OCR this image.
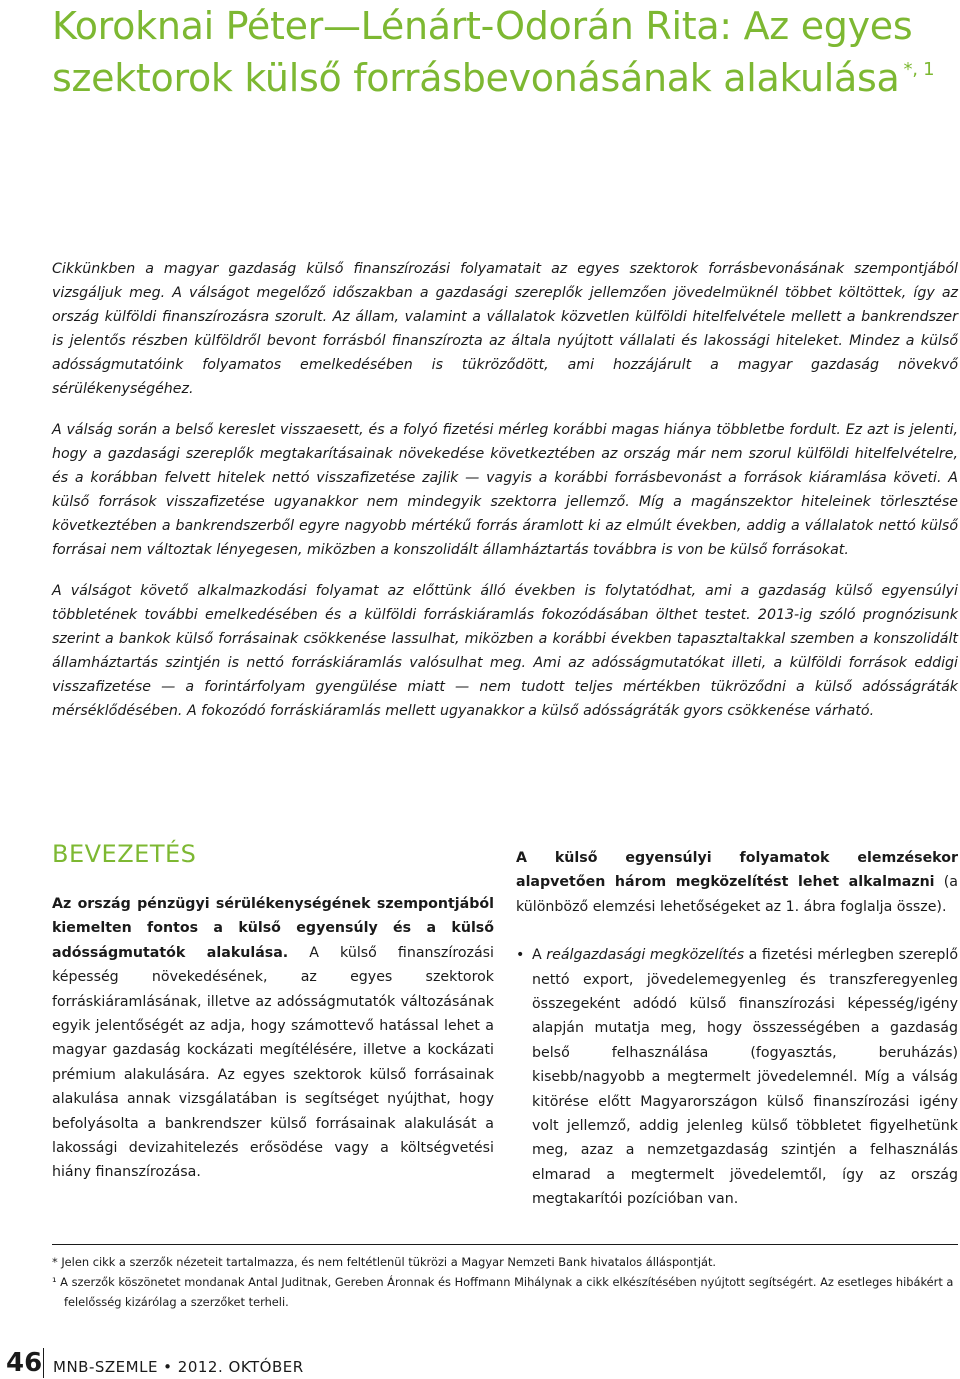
Koroknai Péter—Lénárt-Odorán Rita: Az egyes szektorok külső forrásbevonásának alakulása $^{*, 1}$

Cikkünkben a magyar gazdaság külső finanszírozási folyamatait az egyes szektorok forrásbevonásának szempontjából vizsgáljuk meg. A válságot megelőző időszakban a gazdasági szereplők jellemzően jövedelmüknél többet költöttek, így az ország külföldi finanszírozásra szorult. Az állam, valamint a vállalatok közvetlen külföldi hitelfelvétele mellett a bankrendszer is jelentős részben külföldről bevont forrásból finanszírozta az általa nyújtott vállalati és lakossági hiteleket. Mindez a külső adósságmutatóink folyamatos emelkedésében is tükröződött, ami hozzájárult a magyar gazdaság növekvő sérülékenységéhez.

A válság során a belső kereslet visszaesett, és a folyó fizetési mérleg korábbi magas hiánya többletbe fordult. Ez azt is jelenti, hogy a gazdasági szereplők megtakarításainak növekedése következtében az ország már nem szorul külföldi hitelfelvételre, és a korábban felvett hitelek nettó visszafizetése zajlik — vagyis a korábbi forrásbevonást a források kiáramlása követi. A külső források visszafizetése ugyanakkor nem mindegyik szektorra jellemző. Míg a magánszektor hiteleinek törlesztése következtében a bankrendszerből egyre nagyobb mértékű forrás áramlott ki az elmúlt években, addig a vállalatok nettó külső forrásai nem változtak lényegesen, miközben a konszolidált államháztartás továbbra is von be külső forrásokat.

A válságot követő alkalmazkodási folyamat az előttünk álló években is folytatódhat, ami a gazdaság külső egyensúlyi többletének további emelkedésében és a külföldi forráskiáramlás fokozódásában ölthet testet. 2013-ig szóló prognózisunk szerint a bankok külső forrásainak csökkenése lassulhat, miközben a korábbi években tapasztaltakkal szemben a konszolidált államháztartás szintjén is nettó forráskiáramlás valósulhat meg. Ami az adósságmutatókat illeti, a külföldi források eddigi visszafizetése — a forintárfolyam gyengülése miatt — nem tudott teljes mértékben tükröződni a külső adósságráták mérséklődésében. A fokozódó forráskiáramlás mellett ugyanakkor a külső adósságráták gyors csökkenése várható.

BEVEZETÉS

Az ország pénzügyi sérülékenységének szempontjából kiemelten fontos a külső egyensúly és a külső adósságmutatók alakulása. A külső finanszírozási képesség növekedésének, az egyes szektorok forráskiáramlásának, illetve az adósságmutatók változásának egyik jelentőségét az adja, hogy számottevő hatással lehet a magyar gazdaság kockázati megítélésére, illetve a kockázati prémium alakulására. Az egyes szektorok külső forrásainak alakulása annak vizsgálatában is segítséget nyújthat, hogy befolyásolta a bankrendszer külső forrásainak alakulását a lakossági devizahitelezés erősödése vagy a költségvetési hiány finanszírozása.

A külső egyensúlyi folyamatok elemzésekor alapvetően három megközelítést lehet alkalmazni (a különböző elemzési lehetőségeket az 1. ábra foglalja össze).

• A reálgazdasági megközelítés a fizetési mérlegben szereplő nettó export, jövedelemegyenleg és transzferegyenleg összegeként adódó külső finanszírozási képesség/igény alapján mutatja meg, hogy összességében a gazdaság belső felhasználása (fogyasztás, beruházás) kisebb/nagyobb a megtermelt jövedelemnél. Míg a válság kitörése előtt Magyarországon külső finanszírozási igény volt jellemző, addig jelenleg külső többletet figyelhetünk meg, azaz a nemzetgazdaság szintjén a felhasználás elmarad a megtermelt jövedelemtől, így az ország megtakarítói pozícióban van.

* Jelen cikk a szerzők nézeteit tartalmazza, és nem feltétlenül tükrözi a Magyar Nemzeti Bank hivatalos álláspontját.

¹ A szerzők köszönetet mondanak Antal Juditnak, Gereben Áronnak és Hoffmann Mihálynak a cikk elkészítésében nyújtott segítségért. Az esetleges hibákért a felelősség kizárólag a szerzőket terheli.

46 MNB-SZEMLE • 2012. OKTÓBER
